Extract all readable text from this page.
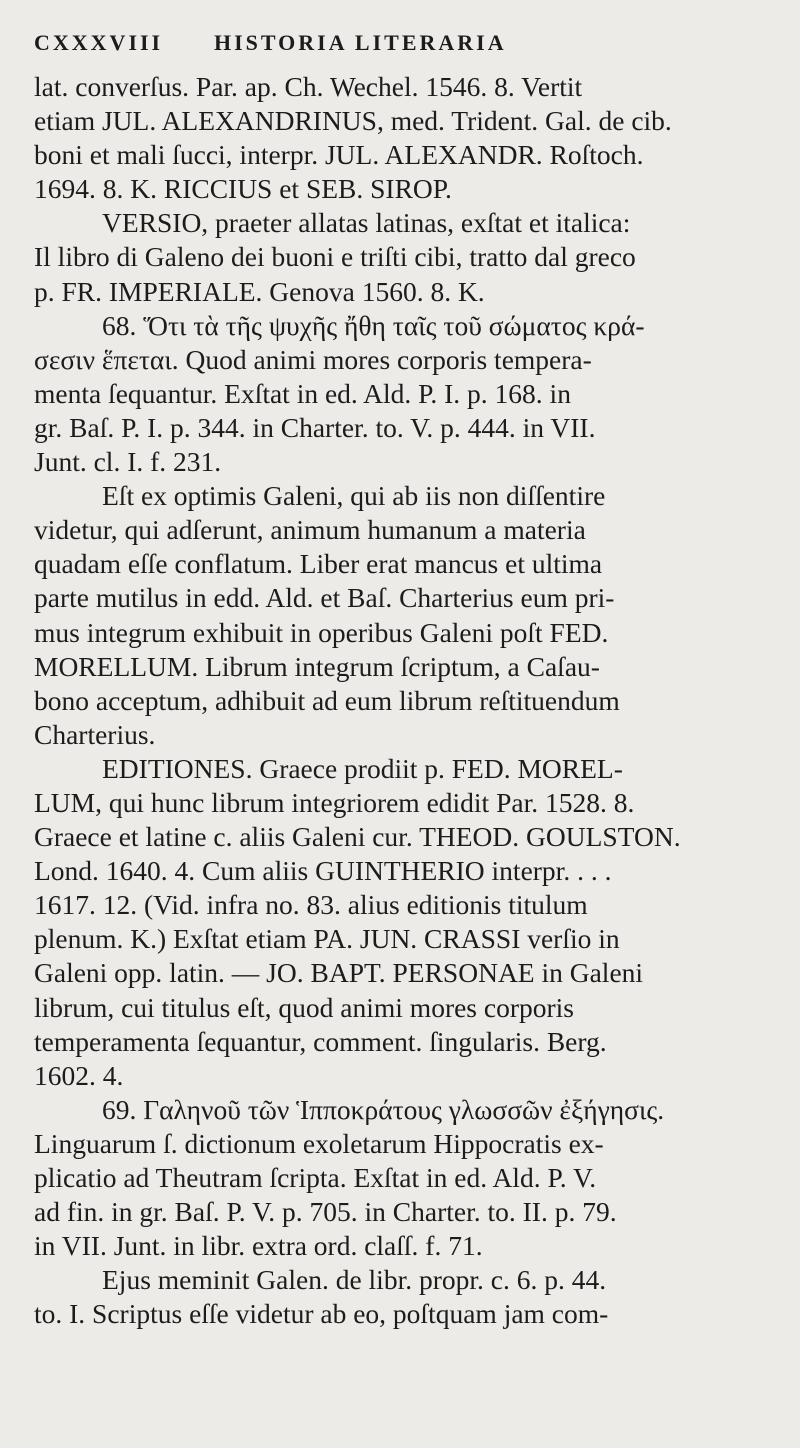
CXXXVIII	HISTORIA LITERARIA
lat. converſus. Par. ap. Ch. Wechel. 1546. 8. Vertit
etiam JUL. ALEXANDRINUS, med. Trident. Gal. de cib.
boni et mali ſucci, interpr. JUL. ALEXANDR. Roſtoch.
1694. 8. K. RICCIUS et SEB. SIROP.
VERSIO, praeter allatas latinas, exſtat et italica:
Il libro di Galeno dei buoni e triſti cibi, tratto dal greco
p. FR. IMPERIALE. Genova 1560. 8. K.
68. Ὅτι τὰ τῆς ψυχῆς ἤθη ταῖς τοῦ σώματος κρά-
σεσιν ἕπεται. Quod animi mores corporis tempera-
menta ſequantur. Exſtat in ed. Ald. P. I. p. 168. in
gr. Baſ. P. I. p. 344. in Charter. to. V. p. 444. in VII.
Junt. cl. I. f. 231.
Eſt ex optimis Galeni, qui ab iis non diſſentire
videtur, qui adſerunt, animum humanum a materia
quadam eſſe conflatum. Liber erat mancus et ultima
parte mutilus in edd. Ald. et Baſ. Charterius eum pri-
mus integrum exhibuit in operibus Galeni poſt FED.
MORELLUM. Librum integrum ſcriptum, a Caſau-
bono acceptum, adhibuit ad eum librum reſtituendum
Charterius.
EDITIONES. Graece prodiit p. FED. MOREL-
LUM, qui hunc librum integriorem edidit Par. 1528. 8.
Graece et latine c. aliis Galeni cur. THEOD. GOULSTON.
Lond. 1640. 4. Cum aliis GUINTHERIO interpr. . . .
1617. 12. (Vid. infra no. 83. alius editionis titulum
plenum. K.) Exſtat etiam PA. JUN. CRASSI verſio in
Galeni opp. latin. — JO. BAPT. PERSONAE in Galeni
librum, cui titulus eſt, quod animi mores corporis
temperamenta ſequantur, comment. ſingularis. Berg.
1602. 4.
69. Γαληνοῦ τῶν Ἱπποκράτους γλωσσῶν ἐξήγησις.
Linguarum ſ. dictionum exoletarum Hippocratis ex-
plicatio ad Theutram ſcripta. Exſtat in ed. Ald. P. V.
ad fin. in gr. Baſ. P. V. p. 705. in Charter. to. II. p. 79.
in VII. Junt. in libr. extra ord. claſſ. f. 71.
Ejus meminit Galen. de libr. propr. c. 6. p. 44.
to. I. Scriptus eſſe videtur ab eo, poſtquam jam com-
